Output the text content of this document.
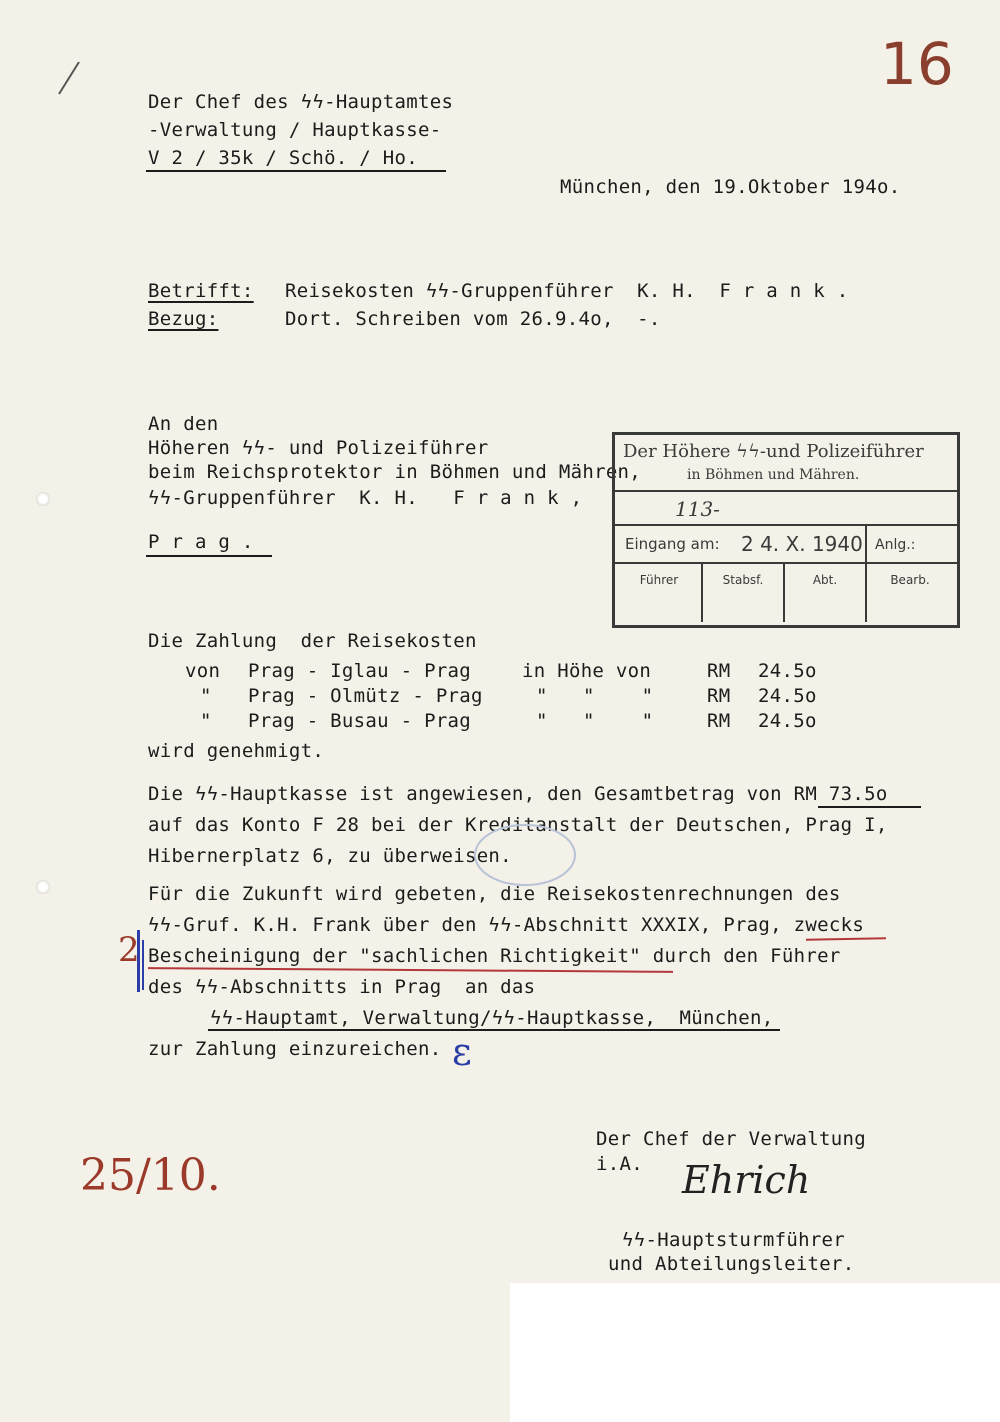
16
Der Chef des ϟϟ-Hauptamtes
-Verwaltung / Hauptkasse-
V 2 / 35k / Schö. / Ho.
München, den 19.Oktober 194o.
Betrifft: Reisekosten ϟϟ-Gruppenführer  K. H.  F r a n k .
Bezug:	Dort. Schreiben vom 26.9.4o,  -.
An den
Höheren ϟϟ- und Polizeiführer
beim Reichsprotektor in Böhmen und Mähren,
ϟϟ-Gruppenführer  K. H.   F r a n k ,
P r a g .
Der Höhere ϟϟ-und Polizeiführer
in Böhmen und Mähren.
113-
Eingang am: 2 4. X. 1940 Anlg.:
Führer	Stabsf.	Abt.	Bearb.
Die Zahlung  der Reisekosten
von Prag - Iglau - Prag	in Höhe von	RM 24.5o
" Prag - Olmütz - Prag	"   "    "	RM 24.5o
" Prag - Busau - Prag	"   "    "	RM 24.5o
wird genehmigt.
Die ϟϟ-Hauptkasse ist angewiesen, den Gesamtbetrag von RM 73.5o
auf das Konto F 28 bei der Kreditanstalt der Deutschen, Prag I,
Hibernerplatz 6, zu überweisen.
Für die Zukunft wird gebeten, die Reisekostenrechnungen des
ϟϟ-Gruf. K.H. Frank über den ϟϟ-Abschnitt XXXIX, Prag, zwecks
Bescheinigung der "sachlichen Richtigkeit" durch den Führer
des ϟϟ-Abschnitts in Prag  an das
ϟϟ-Hauptamt, Verwaltung/ϟϟ-Hauptkasse,  München,
zur Zahlung einzureichen.
2
ɛ
Der Chef der Verwaltung
i.A. Ehrich
ϟϟ-Hauptsturmführer
und Abteilungsleiter.
25/10.
